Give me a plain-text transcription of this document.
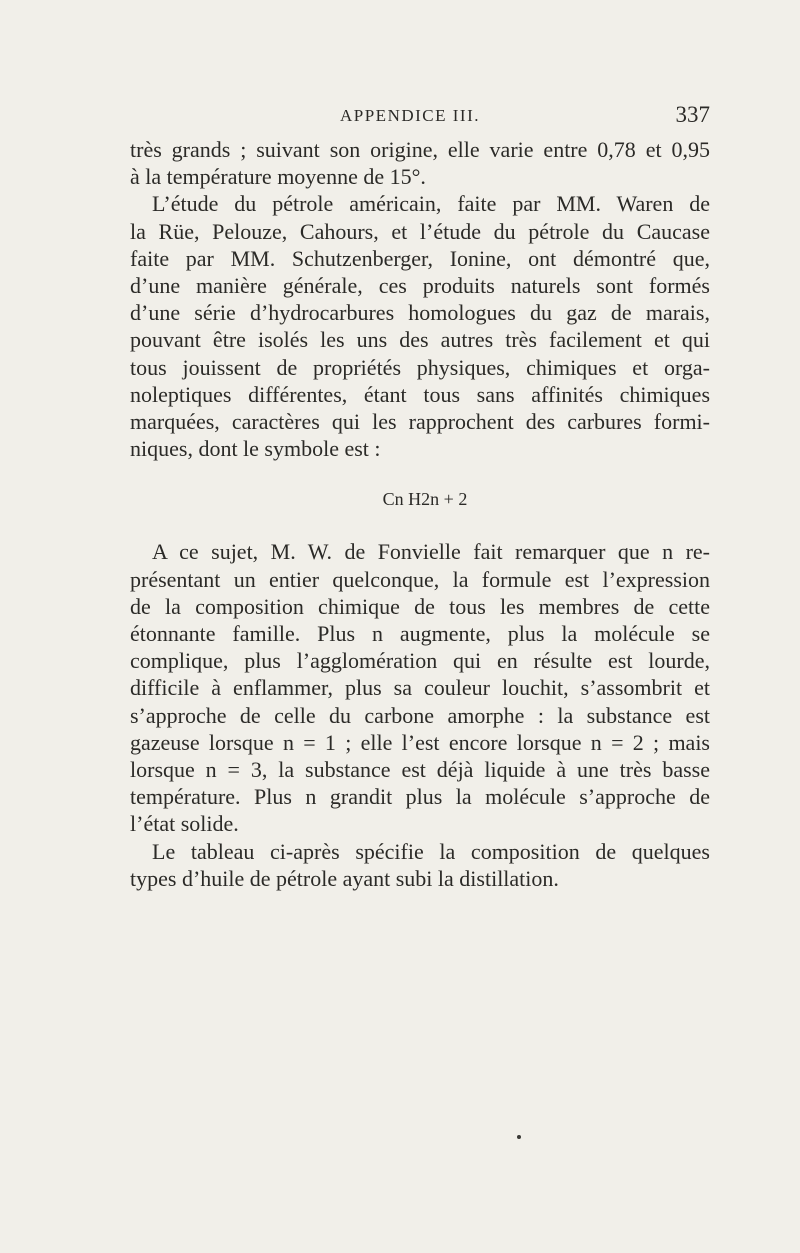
APPENDICE III.	337
très grands ; suivant son origine, elle varie entre 0,78 et 0,95
à la température moyenne de 15°.
L’étude du pétrole américain, faite par MM. Waren de
la Rüe, Pelouze, Cahours, et l’étude du pétrole du Caucase
faite par MM. Schutzenberger, Ionine, ont démontré que,
d’une manière générale, ces produits naturels sont formés
d’une série d’hydrocarbures homologues du gaz de marais,
pouvant être isolés les uns des autres très facilement et qui
tous jouissent de propriétés physiques, chimiques et orga-
noleptiques différentes, étant tous sans affinités chimiques
marquées, caractères qui les rapprochent des carbures formi-
niques, dont le symbole est :
Cn H2n + 2
A ce sujet, M. W. de Fonvielle fait remarquer que n re-
présentant un entier quelconque, la formule est l’expression
de la composition chimique de tous les membres de cette
étonnante famille. Plus n augmente, plus la molécule se
complique, plus l’agglomération qui en résulte est lourde,
difficile à enflammer, plus sa couleur louchit, s’assombrit et
s’approche de celle du carbone amorphe : la substance est
gazeuse lorsque n = 1 ; elle l’est encore lorsque n = 2 ; mais
lorsque n = 3, la substance est déjà liquide à une très basse
température. Plus n grandit plus la molécule s’approche de
l’état solide.
Le tableau ci-après spécifie la composition de quelques
types d’huile de pétrole ayant subi la distillation.
